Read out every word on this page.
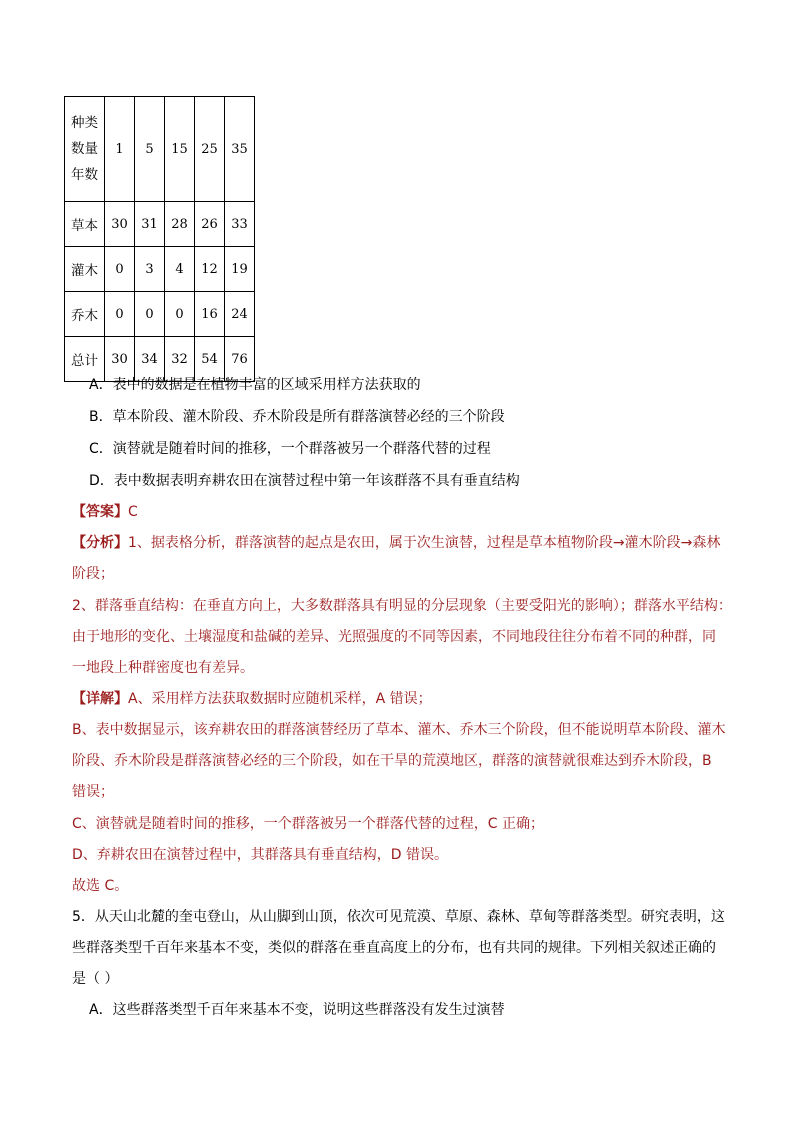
种类
数量
年数	1	5	15	25	35
草本	30	31	28	26	33
灌木	0	3	4	12	19
乔木	0	0	0	16	24
总计	30	34	32	54	76
A．表中的数据是在植物丰富的区域采用样方法获取的
B．草本阶段、灌木阶段、乔木阶段是所有群落演替必经的三个阶段
C．演替就是随着时间的推移，一个群落被另一个群落代替的过程
D．表中数据表明弃耕农田在演替过程中第一年该群落不具有垂直结构
【答案】C
【分析】1、据表格分析，群落演替的起点是农田，属于次生演替，过程是草本植物阶段→灌木阶段→森林
阶段；
2、群落垂直结构：在垂直方向上，大多数群落具有明显的分层现象（主要受阳光的影响）；群落水平结构：
由于地形的变化、土壤湿度和盐碱的差异、光照强度的不同等因素，不同地段往往分布着不同的种群，同
一地段上种群密度也有差异。
【详解】A、采用样方法获取数据时应随机采样，A 错误；
B、表中数据显示，该弃耕农田的群落演替经历了草本、灌木、乔木三个阶段，但不能说明草本阶段、灌木
阶段、乔木阶段是群落演替必经的三个阶段，如在干旱的荒漠地区，群落的演替就很难达到乔木阶段，B
错误；
C、演替就是随着时间的推移，一个群落被另一个群落代替的过程，C 正确；
D、弃耕农田在演替过程中，其群落具有垂直结构，D 错误。
故选 C。
5．从天山北麓的奎屯登山，从山脚到山顶，依次可见荒漠、草原、森林、草甸等群落类型。研究表明，这
些群落类型千百年来基本不变，类似的群落在垂直高度上的分布，也有共同的规律。下列相关叙述正确的
是（ ）
A．这些群落类型千百年来基本不变，说明这些群落没有发生过演替
